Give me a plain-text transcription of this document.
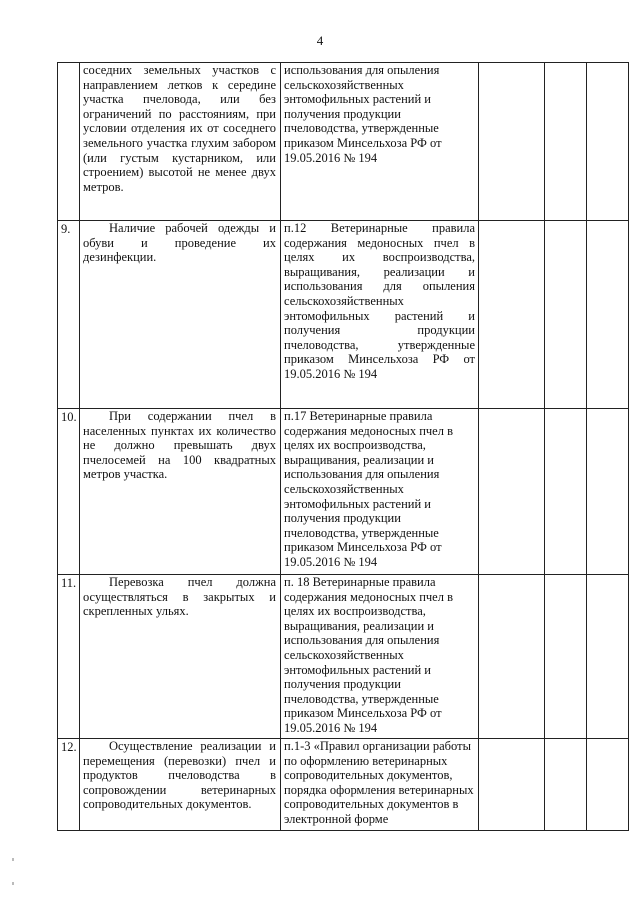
4

	соседних земельных участков с направлением летков к середине участка пчеловода, или без ограничений по расстояниям, при условии отделения их от соседнего земельного участка глухим забором (или густым кустарником, или строением) высотой не менее двух метров.	использования для опыления сельскохозяйственных энтомофильных растений и получения продукции пчеловодства, утвержденные приказом Минсельхоза РФ от 19.05.2016 № 194			

9.	Наличие рабочей одежды и обуви и проведение их дезинфекции.	п.12 Ветеринарные правила содержания медоносных пчел в целях их воспроизводства, выращивания, реализации и использования для опыления сельскохозяйственных энтомофильных растений и получения продукции пчеловодства, утвержденные приказом Минсельхоза РФ от 19.05.2016 № 194			

10.	При содержании пчел в населенных пунктах их количество не должно превышать двух пчелосемей на 100 квадратных метров участка.	п.17 Ветеринарные правила содержания медоносных пчел в целях их воспроизводства, выращивания, реализации и использования для опыления сельскохозяйственных энтомофильных растений и получения продукции пчеловодства, утвержденные приказом Минсельхоза РФ от 19.05.2016 № 194			

11.	Перевозка пчел должна осуществляться в закрытых и скрепленных ульях.	п. 18 Ветеринарные правила содержания медоносных пчел в целях их воспроизводства, выращивания, реализации и использования для опыления сельскохозяйственных энтомофильных растений и получения продукции пчеловодства, утвержденные приказом Минсельхоза РФ от 19.05.2016 № 194			

12.	Осуществление реализации и перемещения (перевозки) пчел и продуктов пчеловодства в сопровождении ветеринарных сопроводительных документов.	п.1-3 «Правил организации работы по оформлению ветеринарных сопроводительных документов, порядка оформления ветеринарных сопроводительных документов в электронной форме			
